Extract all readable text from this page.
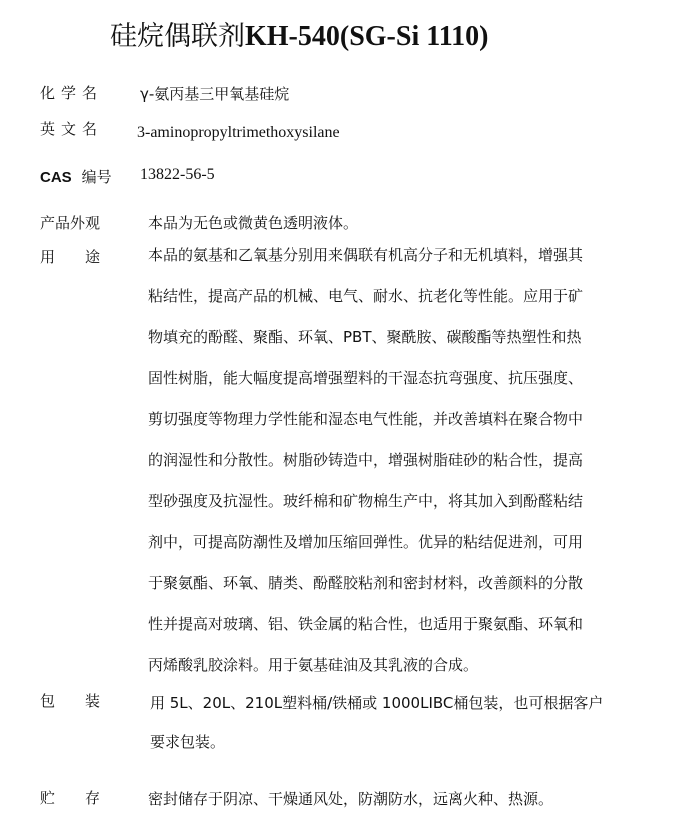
硅烷偶联剂KH-540(SG-Si 1110)
化学名 γ-氨丙基三甲氧基硅烷
英文名 3-aminopropyltrimethoxysilane
CAS 编号 13822-56-5
产品外观	本品为无色或微黄色透明液体。
用途 本品的氨基和乙氧基分别用来偶联有机高分子和无机填料，增强其
粘结性，提高产品的机械、电气、耐水、抗老化等性能。应用于矿
物填充的酚醛、聚酯、环氧、PBT、聚酰胺、碳酸酯等热塑性和热
固性树脂，能大幅度提高增强塑料的干湿态抗弯强度、抗压强度、
剪切强度等物理力学性能和湿态电气性能，并改善填料在聚合物中
的润湿性和分散性。树脂砂铸造中，增强树脂硅砂的粘合性，提高
型砂强度及抗湿性。玻纤棉和矿物棉生产中，将其加入到酚醛粘结
剂中，可提高防潮性及增加压缩回弹性。优异的粘结促进剂，可用
于聚氨酯、环氧、腈类、酚醛胶粘剂和密封材料，改善颜料的分散
性并提高对玻璃、铝、铁金属的粘合性，也适用于聚氨酯、环氧和
丙烯酸乳胶涂料。用于氨基硅油及其乳液的合成。
包装 用 5L、20L、210L塑料桶/铁桶或 1000LIBC桶包装，也可根据客户
要求包装。
贮存 密封储存于阴凉、干燥通风处，防潮防水，远离火种、热源。
